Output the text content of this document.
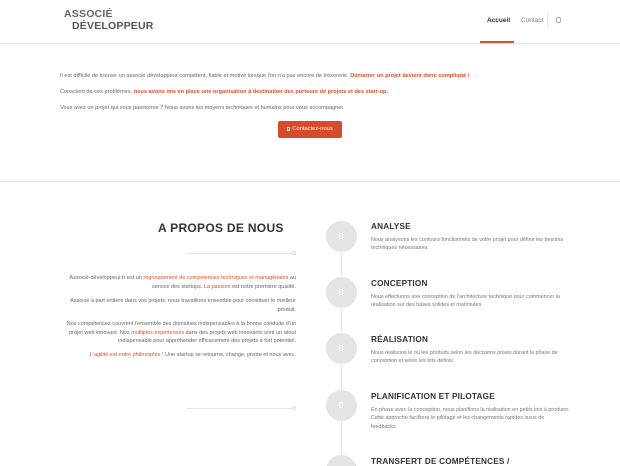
ASSOCIÉ
DÉVELOPPEUR	Accueil Contact

Il est difficile de trouver un associé développeur compétent, fiable et motivé lorsque l'on n'a pas encore de trésorerie. Démarrer un projet devient donc compliqué !

Conscient de ces problèmes, nous avons mis en place une organisation à destination des porteurs de projets et des start-up.

Vous avez un projet qui vous passionne ? Nous avons les moyens techniques et humains pour vous accompagner.

Contactez-nous
A PROPOS DE NOUS

Associé-développeur.fr est un regroupement de compétences techniques et managériales au service des startups. La passion est notre première qualité.

Associé à part entière dans vos projets, nous travaillons ensemble pour constituer le meilleur produit.

Nos compétences couvrent l'ensemble des domaines indispensables à la bonne conduite d'un projet web innovant. Nos multiples expériences dans des projets web innovants sont un atout indispensable pour appréhender efficacement des projets à fort potentiel.

L'agilité est notre philosophie ! Une startup se retourne, change, pivote et nous avec.

ANALYSE
Nous analysons les contours fonctionnels de votre projet pour définir les besoins techniques nécessaires.
CONCEPTION
Nous effectuons une conception de l'architecture technique pour commencer la réalisation sur des bases solides et maîtrisées.
RÉALISATION
Nous réalisons le ou les produits selon les décisions prises durant la phase de conception et selon les lots définis.
PLANIFICATION ET PILOTAGE
En phase avec la conception, nous planifions la réalisation en petits lots à produire. Cette approche facilitera le pilotage et les changements rapides issus de feedbacks.
TRANSFERT DE COMPÉTENCES /
